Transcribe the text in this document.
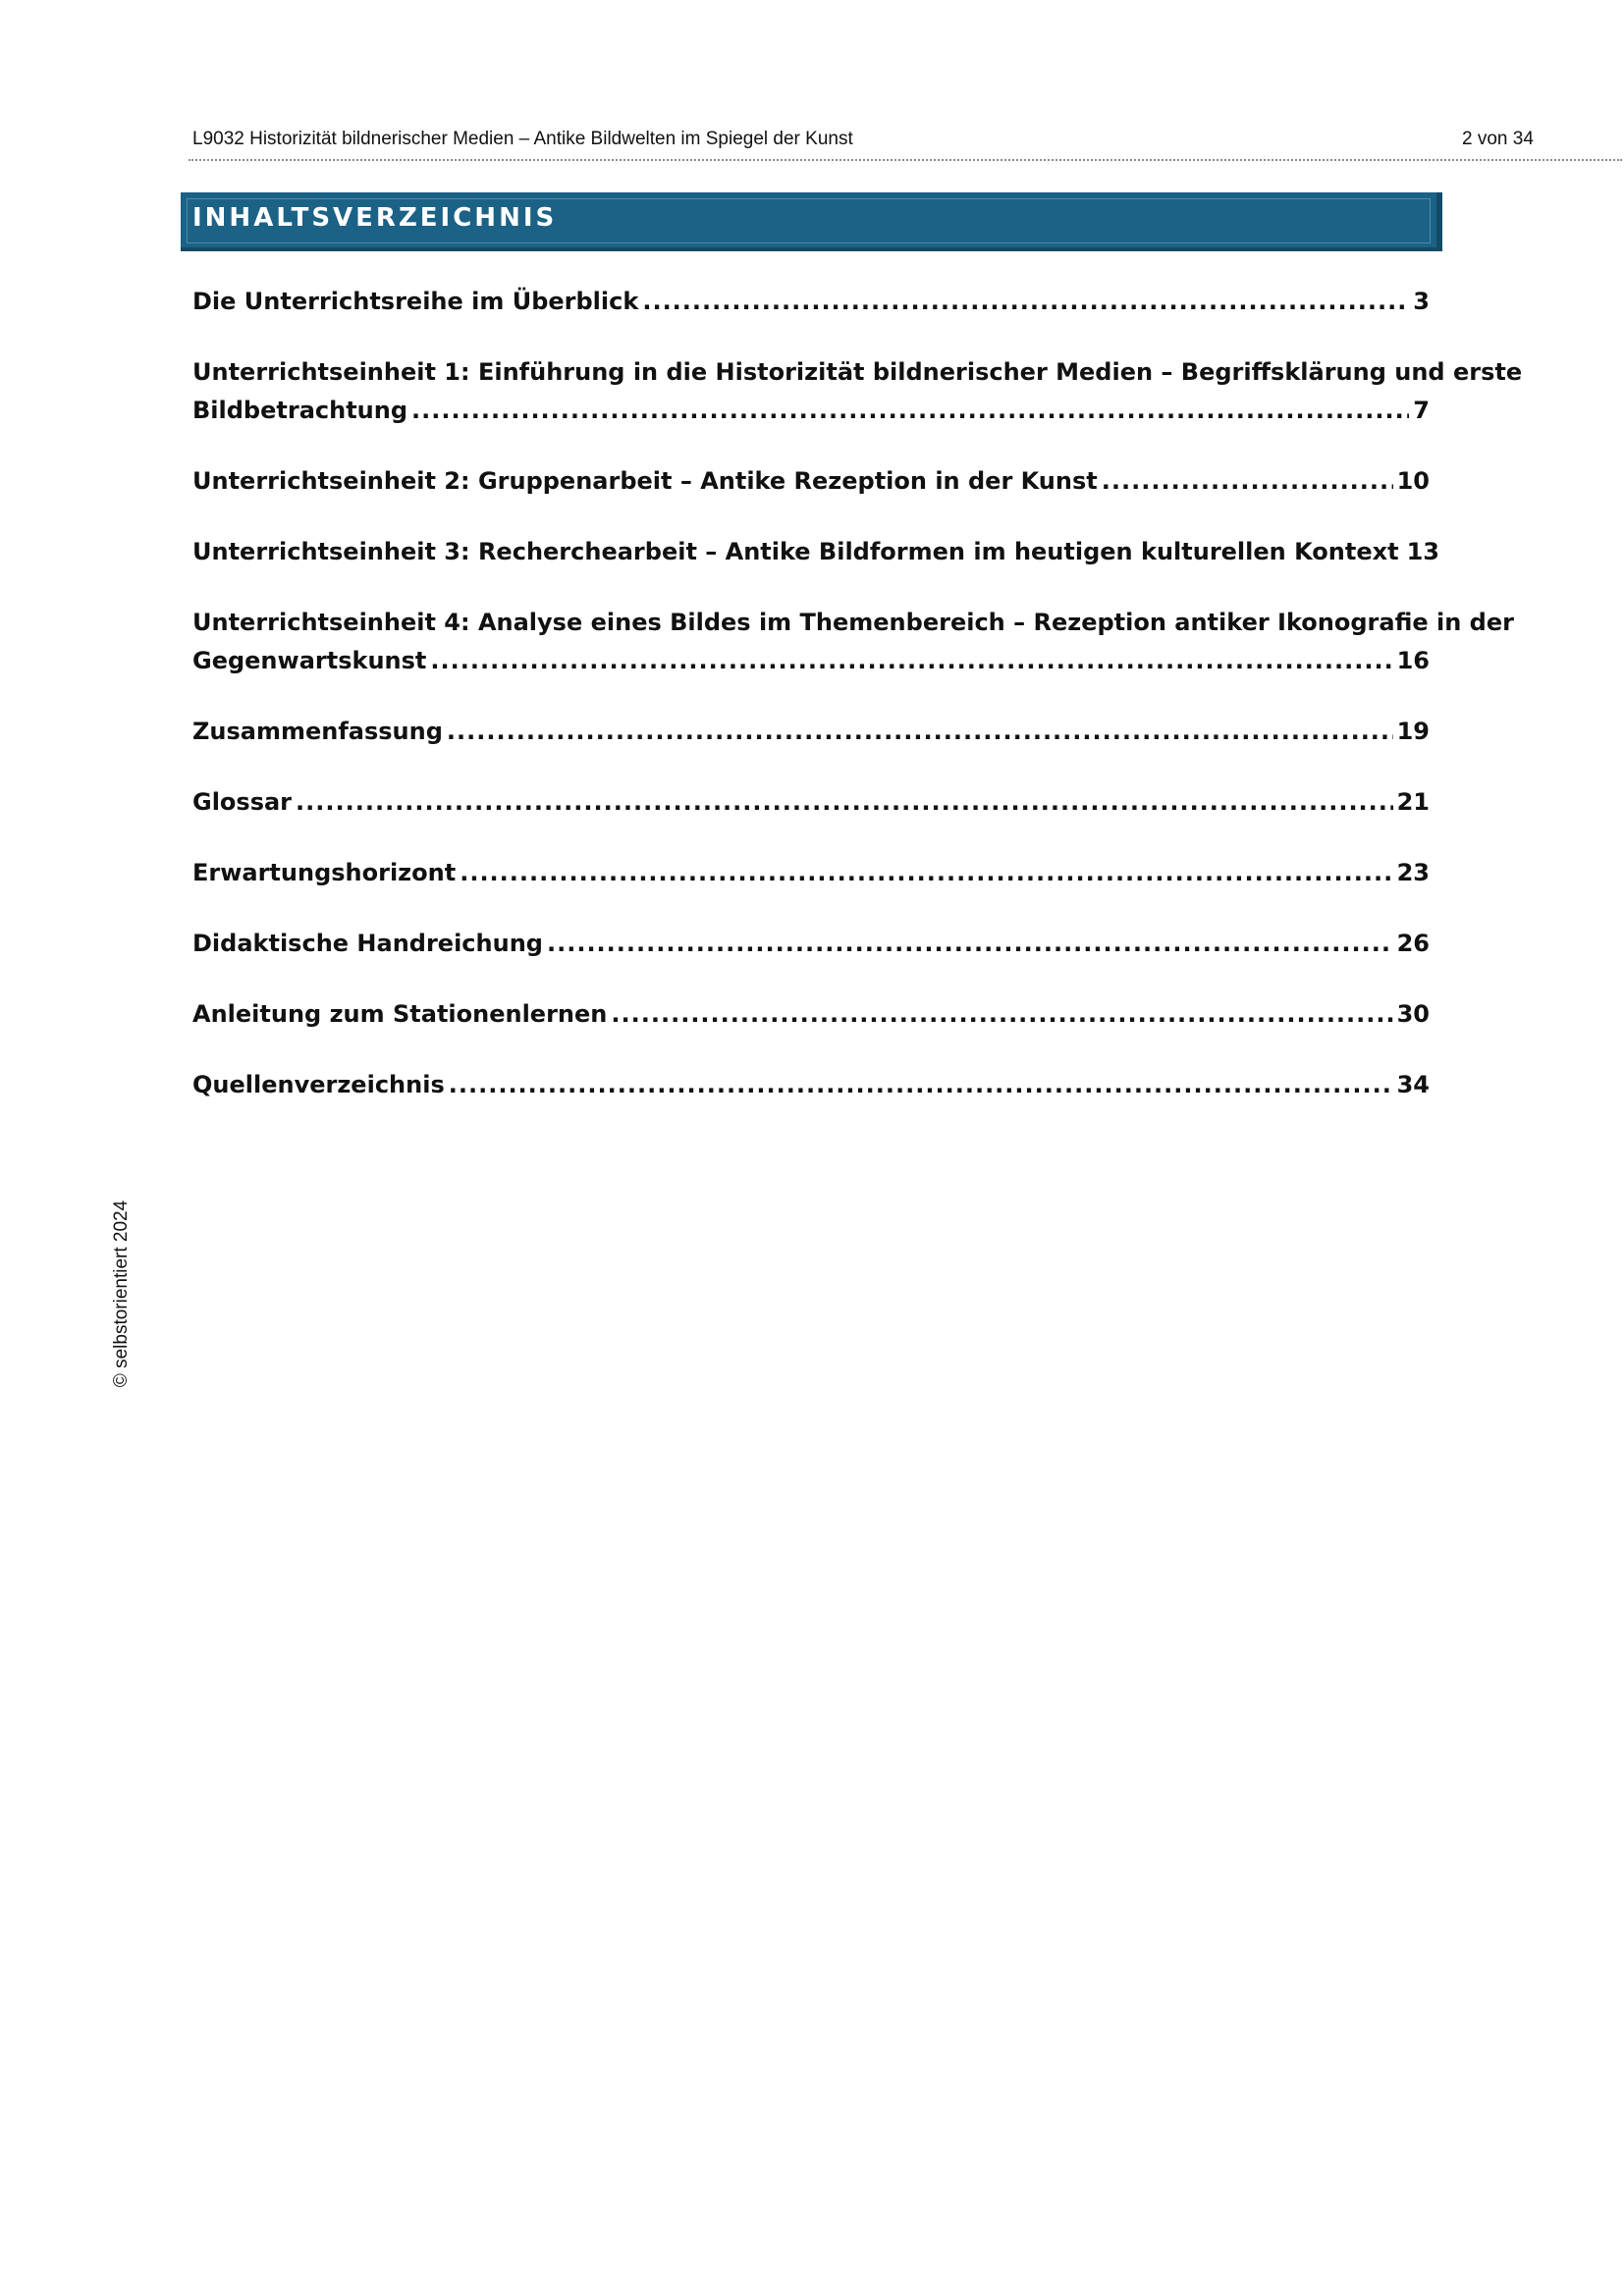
L9032 Historizität bildnerischer Medien – Antike Bildwelten im Spiegel der Kunst	2 von 34
INHALTSVERZEICHNIS
Die Unterrichtsreihe im Überblick .....	3
Unterrichtseinheit 1: Einführung in die Historizität bildnerischer Medien – Begriffsklärung und erste
Bildbetrachtung .....	7
Unterrichtseinheit 2: Gruppenarbeit – Antike Rezeption in der Kunst .....	10
Unterrichtseinheit 3: Recherchearbeit – Antike Bildformen im heutigen kulturellen Kontext 13
Unterrichtseinheit 4: Analyse eines Bildes im Themenbereich – Rezeption antiker Ikonografie in der
Gegenwartskunst .....	16
Zusammenfassung .....	19
Glossar .....	21
Erwartungshorizont .....	23
Didaktische Handreichung .....	26
Anleitung zum Stationenlernen .....	30
Quellenverzeichnis .....	34
© selbstorientiert 2024
